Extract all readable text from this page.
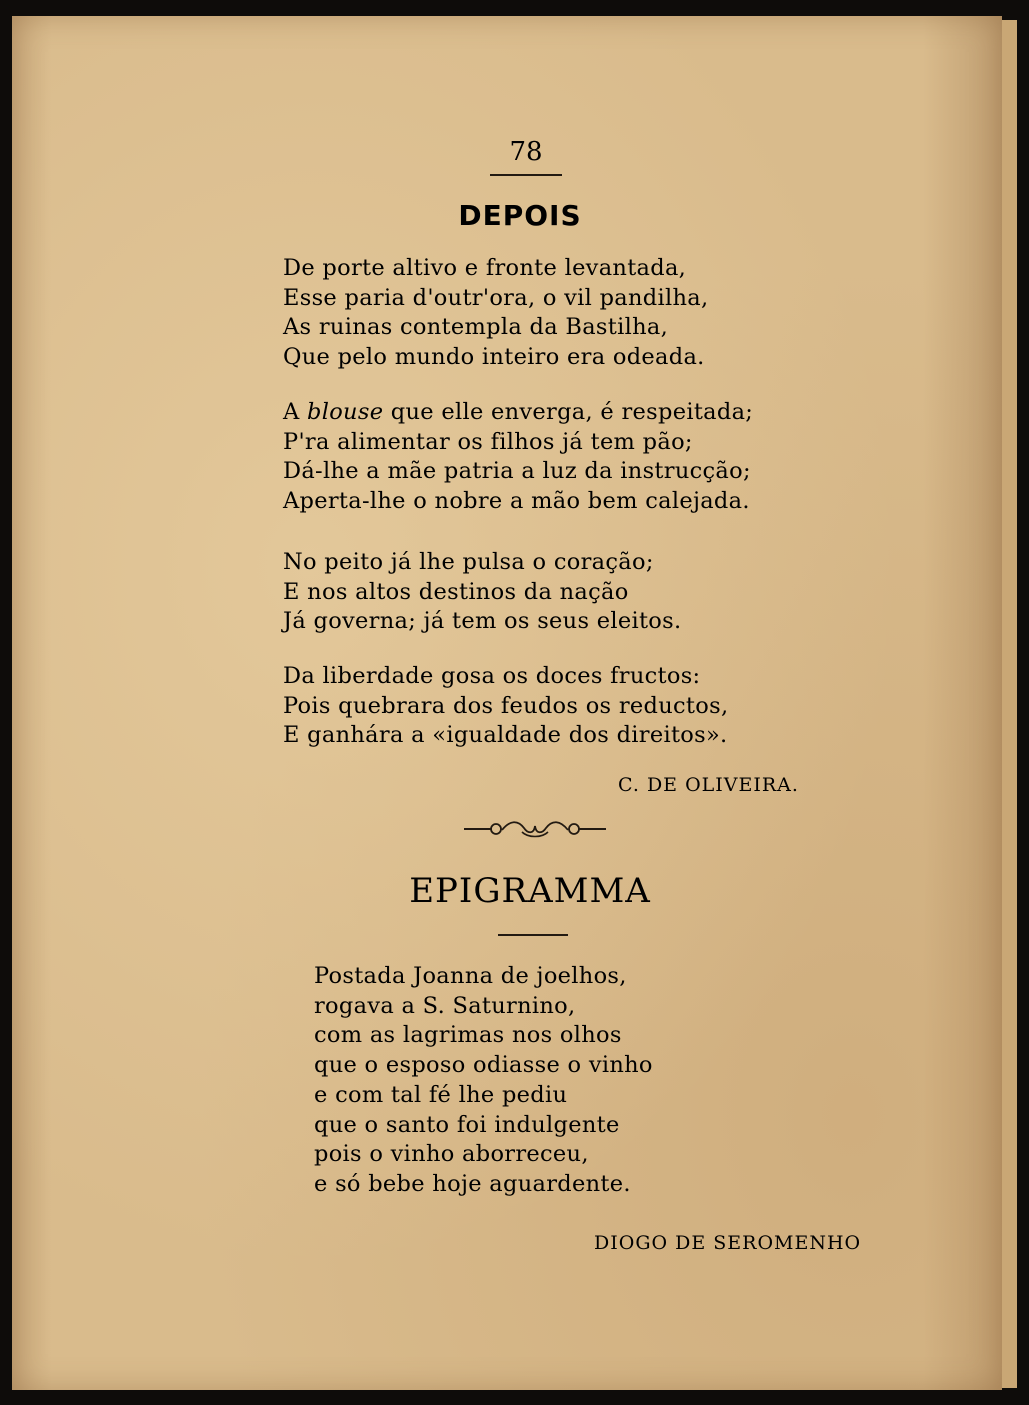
78
DEPOIS
De porte altivo e fronte levantada,
Esse paria d'outr'ora, o vil pandilha,
As ruinas contempla da Bastilha,
Que pelo mundo inteiro era odeada.
A blouse que elle enverga, é respeitada;
P'ra alimentar os filhos já tem pão;
Dá-lhe a mãe patria a luz da instrucção;
Aperta-lhe o nobre a mão bem calejada.
No peito já lhe pulsa o coração;
E nos altos destinos da nação
Já governa; já tem os seus eleitos.
Da liberdade gosa os doces fructos:
Pois quebrara dos feudos os reductos,
E ganhára a «igualdade dos direitos».
C. DE OLIVEIRA.
EPIGRAMMA
Postada Joanna de joelhos,
rogava a S. Saturnino,
com as lagrimas nos olhos
que o esposo odiasse o vinho
e com tal fé lhe pediu
que o santo foi indulgente
pois o vinho aborreceu,
e só bebe hoje aguardente.
DIOGO DE SEROMENHO
